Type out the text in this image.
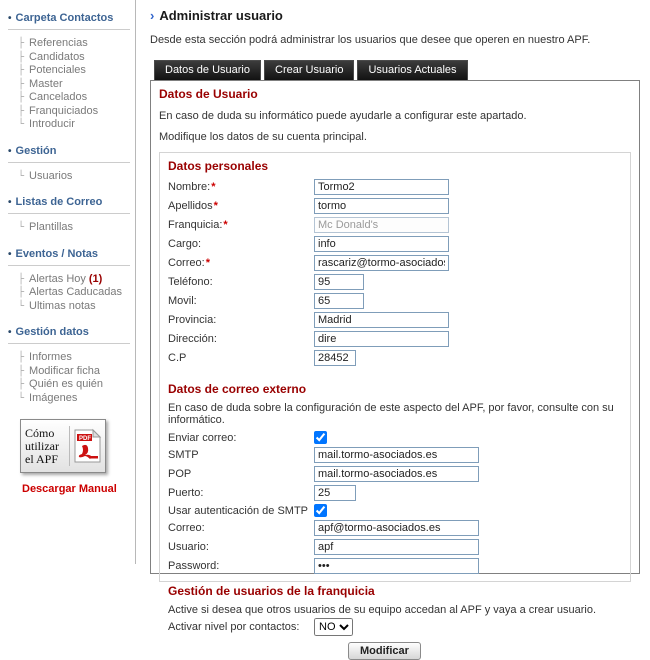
• Carpeta Contactos
├ Referencias
├ Candidatos
├ Potenciales
├ Master
├ Cancelados
├ Franquiciados
└ Introducir
• Gestión
└ Usuarios
• Listas de Correo
└ Plantillas
• Eventos / Notas
├ Alertas Hoy (1)
├ Alertas Caducadas
└ Ultimas notas
• Gestión datos
├ Informes
├ Modificar ficha
├ Quién es quién
└ Imágenes
Cómo utilizar el APF
PDF
Descargar Manual
› Administrar usuario
Desde esta sección podrá administrar los usuarios que desee que operen en nuestro APF.
Datos de Usuario	Crear Usuario	Usuarios Actuales
Datos de Usuario
En caso de duda su informático puede ayudarle a configurar este apartado.
Modifique los datos de su cuenta principal.
Datos personales
Nombre:*
Tormo2
Apellidos*
tormo
Franquicia:*
Mc Donald's
Cargo:
info
Correo:*
rascariz@tormo-asociados.es
Teléfono:
95
Movil:
65
Provincia:
Madrid
Dirección:
dire
C.P
28452
Datos de correo externo
En caso de duda sobre la configuración de este aspecto del APF, por favor, consulte con su informático.
Enviar correo:
SMTP
mail.tormo-asociados.es
POP
mail.tormo-asociados.es
Puerto:
25
Usar autenticación de SMTP
Correo:
apf@tormo-asociados.es
Usuario:
apf
Password:
•••
Gestión de usuarios de la franquicia
Active si desea que otros usuarios de su equipo accedan al APF y vaya a crear usuario.
Activar nivel por contactos:
NO
Modificar
